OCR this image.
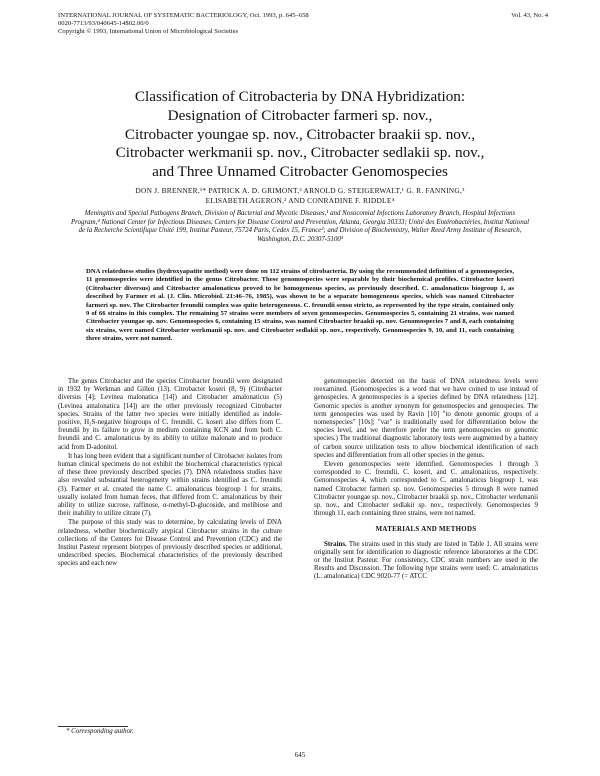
INTERNATIONAL JOURNAL OF SYSTEMATIC BACTERIOLOGY, Oct. 1993, p. 645–658
0020-7713/93/040645-14$02.00/0
Copyright © 1993, International Union of Microbiological Societies
Vol. 43, No. 4
Classification of Citrobacteria by DNA Hybridization:
Designation of Citrobacter farmeri sp. nov.,
Citrobacter youngae sp. nov., Citrobacter braakii sp. nov.,
Citrobacter werkmanii sp. nov., Citrobacter sedlakii sp. nov.,
and Three Unnamed Citrobacter Genomospecies
DON J. BRENNER,¹* PATRICK A. D. GRIMONT,² ARNOLD G. STEIGERWALT,¹ G. R. FANNING,³
ELISABETH AGERON,² AND CONRADINE F. RIDDLE⁴
Meningitis and Special Pathogens Branch, Division of Bacterial and Mycotic Diseases,¹ and Nosocomial Infections Laboratory Branch, Hospital Infections Program,⁴ National Center for Infectious Diseases, Centers for Disease Control and Prevention, Atlanta, Georgia 30333; Unité des Entérobactéries, Institut National de la Recherche Scientifique Unité 199, Institut Pasteur, 75724 Paris, Cedex 15, France²; and Division of Biochemistry, Walter Reed Army Institute of Research, Washington, D.C. 20307-5100³
DNA relatedness studies (hydroxyapatite method) were done on 112 strains of citrobacteria. By using the recommended definition of a genomospecies, 11 genomospecies were identified in the genus Citrobacter. These genomospecies were separable by their biochemical profiles. Citrobacter koseri (Citrobacter diversus) and Citrobacter amalonaticus proved to be homogeneous species, as previously described. C. amalonaticus biogroup 1, as described by Farmer et al. (J. Clin. Microbiol. 21:46–76, 1985), was shown to be a separate homogeneous species, which was named Citrobacter farmeri sp. nov. The Citrobacter freundii complex was quite heterogeneous. C. freundii sensu stricto, as represented by the type strain, contained only 9 of 66 strains in this complex. The remaining 57 strains were members of seven genomospecies. Genomospecies 5, containing 21 strains, was named Citrobacter youngae sp. nov. Genomospecies 6, containing 15 strains, was named Citrobacter braakii sp. nov. Genomospecies 7 and 8, each containing six strains, were named Citrobacter werkmanii sp. nov. and Citrobacter sedlakii sp. nov., respectively. Genomospecies 9, 10, and 11, each containing three strains, were not named.

The genus Citrobacter and the species Citrobacter freundii were designated in 1932 by Werkman and Gillen (13). Citrobacter koseri (8, 9) (Citrobacter diversus [4]; Levinea malonatica [14]) and Citrobacter amalonaticus (5) (Levinea amalonatica [14]) are the other previously recognized Citrobacter species. Strains of the latter two species were initially identified as indole-positive, H₂S-negative biogroups of C. freundii. C. koseri also differs from C. freundii by its failure to grow in medium containing KCN and from both C. freundii and C. amalonaticus by its ability to utilize malonate and to produce acid from D-adonitol.

It has long been evident that a significant number of Citrobacter isolates from human clinical specimens do not exhibit the biochemical characteristics typical of these three previously described species (7). DNA relatedness studies have also revealed substantial heterogeneity within strains identified as C. freundii (3). Farmer et al. created the name C. amalonaticus biogroup 1 for strains, usually isolated from human feces, that differed from C. amalonaticus by their ability to utilize sucrose, raffinose, α-methyl-D-glucoside, and melibiose and their inability to utilize citrate (7).

The purpose of this study was to determine, by calculating levels of DNA relatedness, whether biochemically atypical Citrobacter strains in the culture collections of the Centers for Disease Control and Prevention (CDC) and the Institut Pasteur represent biotypes of previously described species or additional, undescribed species. Biochemical characteristics of the previously described species and each new

genomospecies detected on the basis of DNA relatedness levels were reexamined. (Genomospecies is a word that we have coined to use instead of genospecies. A genomospecies is a species defined by DNA relatedness [12]. Genomic species is another synonym for genomospecies and genospecies. The term genospecies was used by Ravin [10] "to denote genomic groups of a nomenspecies" [10s]; "var" is traditionally used for differentiation below the species level, and we therefore prefer the term genomospecies or genomic species.) The traditional diagnostic laboratory tests were augmented by a battery of carbon source utilization tests to allow biochemical identification of each species and differentiation from all other species in the genus.

Eleven genomospecies were identified. Genomospecies 1 through 3 corresponded to C. freundii, C. koseri, and C. amalonaticus, respectively. Genomospecies 4, which corresponded to C. amalonaticus biogroup 1, was named Citrobacter farmeri sp. nov. Genomospecies 5 through 8 were named Citrobacter youngae sp. nov., Citrobacter braakii sp. nov., Citrobacter werkmanii sp. nov., and Citrobacter sedlakii sp. nov., respectively. Genomospecies 9 through 11, each containing three strains, were not named.

MATERIALS AND METHODS

Strains. The strains used in this study are listed in Table 1. All strains were originally sent for identification to diagnostic reference laboratories at the CDC or the Institut Pasteur. For consistency, CDC strain numbers are used in the Results and Discussion. The following type strains were used: C. amalonaticus (L. amalonatica) CDC 9020-77 (= ATCC

* Corresponding author.
645
